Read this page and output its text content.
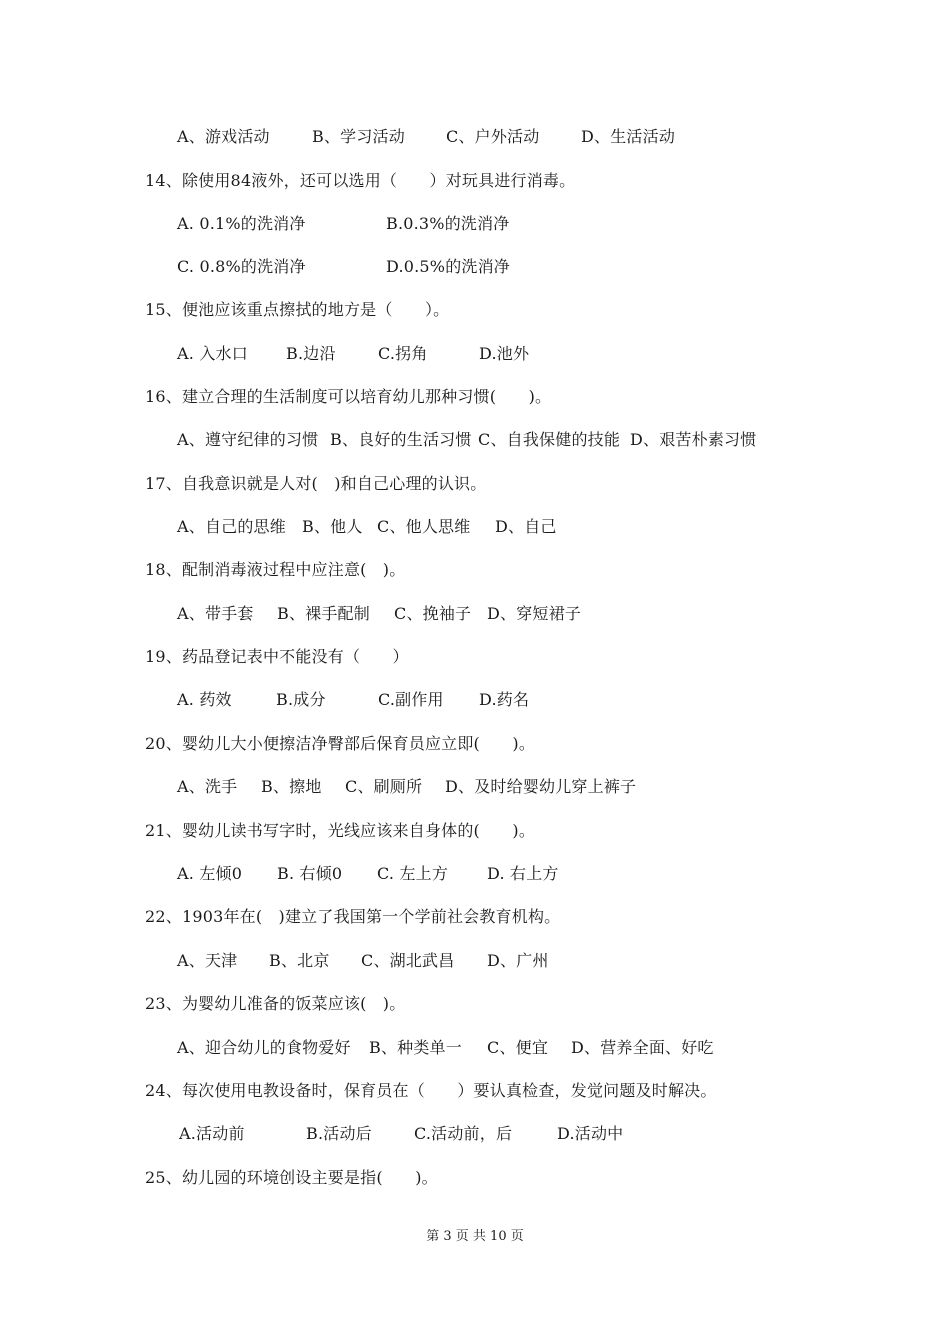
A、游戏活动	B、学习活动	C、户外活动	D、生活活动
14、除使用84液外，还可以选用（　　）对玩具进行消毒。
A. 0.1%的洗消净	B.0.3%的洗消净
C. 0.8%的洗消净	D.0.5%的洗消净
15、便池应该重点擦拭的地方是（　　）。
A. 入水口 B.边沿	C.拐角	D.池外
16、建立合理的生活制度可以培育幼儿那种习惯(　　)。
A、遵守纪律的习惯 B、良好的生活习惯 C、自我保健的技能 D、艰苦朴素习惯
17、自我意识就是人对(　)和自己心理的认识。
A、自己的思维 B、他人 C、他人思维 D、自己
18、配制消毒液过程中应注意(　)。
A、带手套 B、裸手配制 C、挽袖子 D、穿短裙子
19、药品登记表中不能没有（　　）
A. 药效	B.成分	C.副作用 D.药名
20、婴幼儿大小便擦洁净臀部后保育员应立即(　　)。
A、洗手 B、擦地 C、刷厕所 D、及时给婴幼儿穿上裤子
21、婴幼儿读书写字时，光线应该来自身体的(　　)。
A. 左倾0 B. 右倾0 C. 左上方 D. 右上方
22、1903年在(　)建立了我国第一个学前社会教育机构。
A、天津 B、北京 C、湖北武昌 D、广州
23、为婴幼儿准备的饭菜应该(　)。
A、迎合幼儿的食物爱好 B、种类单一 C、便宜 D、营养全面、好吃
24、每次使用电教设备时，保育员在（　　）要认真检查，发觉问题及时解决。
A.活动前	B.活动后	C.活动前，后	D.活动中
25、幼儿园的环境创设主要是指(　　)。
第 3 页 共 10 页
